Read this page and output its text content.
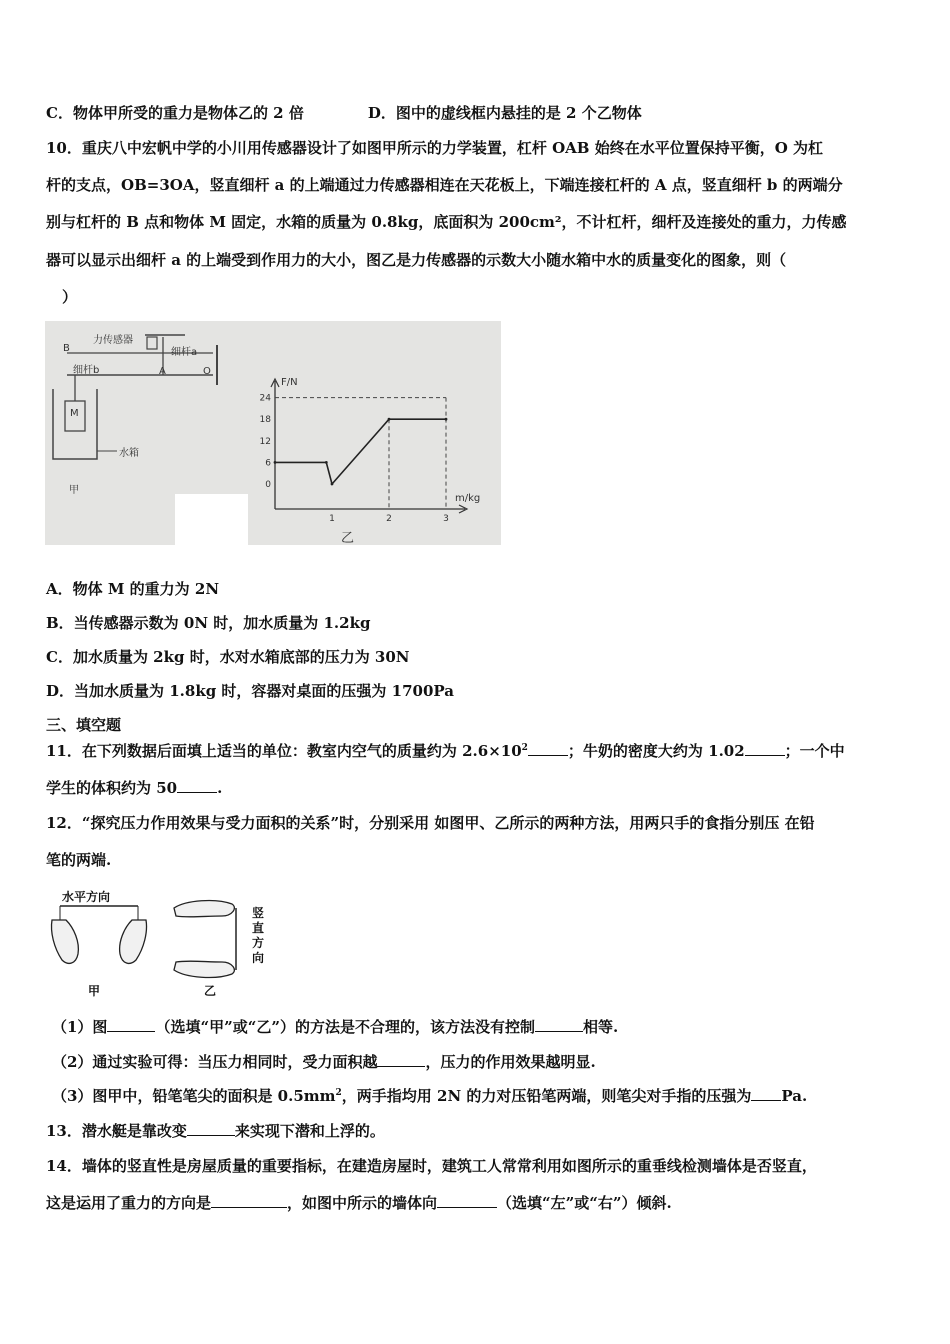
C．物体甲所受的重力是物体乙的 2 倍	D．图中的虚线框内悬挂的是 2 个乙物体
10．重庆八中宏帆中学的小川用传感器设计了如图甲所示的力学装置，杠杆 OAB 始终在水平位置保持平衡，O 为杠
杆的支点，OB=3OA，竖直细杆 a 的上端通过力传感器相连在天花板上，下端连接杠杆的 A 点，竖直细杆 b 的两端分
别与杠杆的 B 点和物体 M 固定，水箱的质量为 0.8kg，底面积为 200cm²，不计杠杆，细杆及连接处的重力，力传感
器可以显示出细杆 a 的上端受到作用力的大小，图乙是力传感器的示数大小随水箱中水的质量变化的图象，则（
）
24
18
12
6
0
1	2	3
力传感器
细杆a
B
A	O
细杆b
M
水箱
甲
F/N
m/kg
乙
A．物体 M 的重力为 2N
B．当传感器示数为 0N 时，加水质量为 1.2kg
C．加水质量为 2kg 时，水对水箱底部的压力为 30N
D．当加水质量为 1.8kg 时，容器对桌面的压强为 1700Pa
三、填空题
11．在下列数据后面填上适当的单位：教室内空气的质量约为 $2.6\times 10^2$	；牛奶的密度大约为 1.02	；一个中
学生的体积约为 50	.
12．“探究压力作用效果与受力面积的关系”时，分别采用 如图甲、乙所示的两种方法，用两只手的食指分别压 在铅
笔的两端.
水平方向
竖
直
方
向
甲	乙
（1）图	（选填“甲”或“乙”）的方法是不合理的，该方法没有控制	相等.
（2）通过实验可得：当压力相同时，受力面积越	，压力的作用效果越明显.
（3）图甲中，铅笔笔尖的面积是 $0.5mm^2$，两手指均用 2N 的力对压铅笔两端，则笔尖对手指的压强为 Pa.
13．潜水艇是靠改变	来实现下潜和上浮的。
14．墙体的竖直性是房屋质量的重要指标，在建造房屋时，建筑工人常常利用如图所示的重垂线检测墙体是否竖直，
这是运用了重力的方向是	，如图中所示的墙体向	（选填“左”或“右”）倾斜.
